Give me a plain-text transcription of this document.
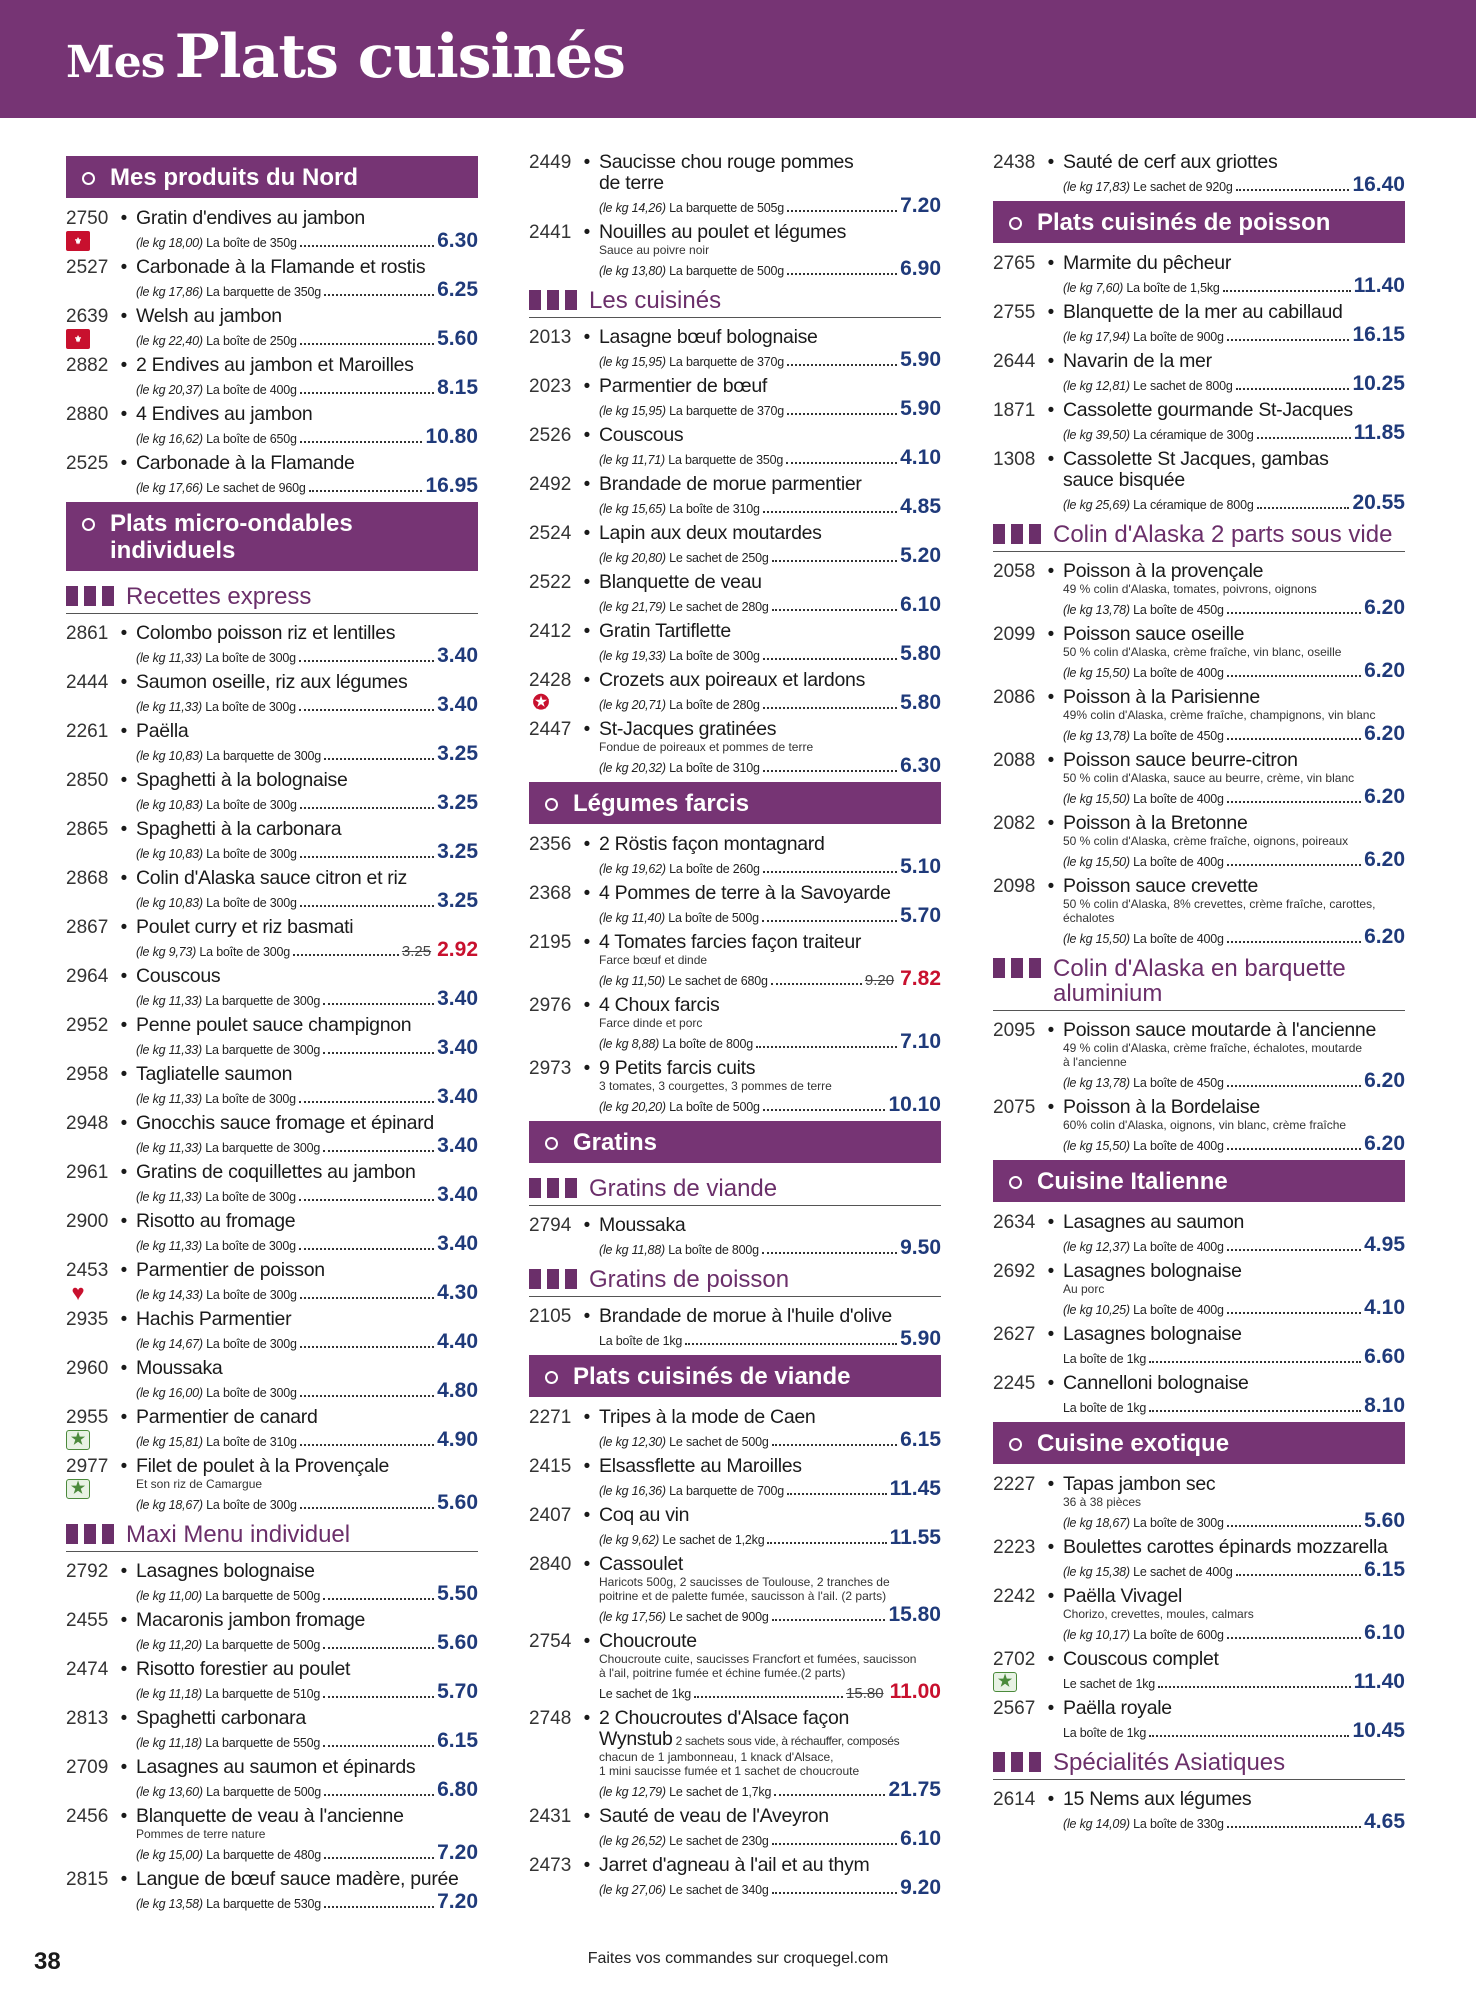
Mes Plats cuisinés
Mes produits du Nord
2750 • Gratin d'endives au jambon
(le kg 18,00) La boîte de 350g	6.30
⚜
2527 • Carbonade à la Flamande et rostis
(le kg 17,86) La barquette de 350g	6.25
2639 • Welsh au jambon
(le kg 22,40) La boîte de 250g	5.60
⚜
2882 • 2 Endives au jambon et Maroilles
(le kg 20,37) La boîte de 400g	8.15
2880 • 4 Endives au jambon
(le kg 16,62) La boîte de 650g	10.80
2525 • Carbonade à la Flamande
(le kg 17,66) Le sachet de 960g	16.95
Plats micro-ondables
individuels
Recettes express
2861 • Colombo poisson riz et lentilles
(le kg 11,33) La boîte de 300g	3.40
2444 • Saumon oseille, riz aux légumes
(le kg 11,33) La boîte de 300g	3.40
2261 • Paëlla
(le kg 10,83) La barquette de 300g	3.25
2850 • Spaghetti à la bolognaise
(le kg 10,83) La boîte de 300g	3.25
2865 • Spaghetti à la carbonara
(le kg 10,83) La boîte de 300g	3.25
2868 • Colin d'Alaska sauce citron et riz
(le kg 10,83) La boîte de 300g	3.25
2867 • Poulet curry et riz basmati
(le kg 9,73) La boîte de 300g	3.25 2.92
2964 • Couscous
(le kg 11,33) La barquette de 300g	3.40
2952 • Penne poulet sauce champignon
(le kg 11,33) La barquette de 300g	3.40
2958 • Tagliatelle saumon
(le kg 11,33) La boîte de 300g	3.40
2948 • Gnocchis sauce fromage et épinard
(le kg 11,33) La barquette de 300g	3.40
2961 • Gratins de coquillettes au jambon
(le kg 11,33) La boîte de 300g	3.40
2900 • Risotto au fromage
(le kg 11,33) La boîte de 300g	3.40
2453 • Parmentier de poisson
(le kg 14,33) La boîte de 300g	4.30
♥
2935 • Hachis Parmentier
(le kg 14,67) La boîte de 300g	4.40
2960 • Moussaka
(le kg 16,00) La boîte de 300g	4.80
2955 • Parmentier de canard
(le kg 15,81) La boîte de 310g	4.90
★
2977 • Filet de poulet à la Provençale
Et son riz de Camargue
(le kg 18,67) La boîte de 300g	5.60
★
Maxi Menu individuel
2792 • Lasagnes bolognaise
(le kg 11,00) La barquette de 500g	5.50
2455 • Macaronis jambon fromage
(le kg 11,20) La barquette de 500g	5.60
2474 • Risotto forestier au poulet
(le kg 11,18) La barquette de 510g	5.70
2813 • Spaghetti carbonara
(le kg 11,18) La barquette de 550g	6.15
2709 • Lasagnes au saumon et épinards
(le kg 13,60) La barquette de 500g	6.80
2456 • Blanquette de veau à l'ancienne
Pommes de terre nature
(le kg 15,00) La barquette de 480g	7.20
2815 • Langue de bœuf sauce madère, purée
(le kg 13,58) La barquette de 530g	7.20
2449 • Saucisse chou rouge pommes
de terre
(le kg 14,26) La barquette de 505g	7.20
2441 • Nouilles au poulet et légumes
Sauce au poivre noir
(le kg 13,80) La barquette de 500g	6.90
Les cuisinés
2013 • Lasagne bœuf bolognaise
(le kg 15,95) La barquette de 370g	5.90
2023 • Parmentier de bœuf
(le kg 15,95) La barquette de 370g	5.90
2526 • Couscous
(le kg 11,71) La barquette de 350g	4.10
2492 • Brandade de morue parmentier
(le kg 15,65) La boîte de 310g	4.85
2524 • Lapin aux deux moutardes
(le kg 20,80) Le sachet de 250g	5.20
2522 • Blanquette de veau
(le kg 21,79) Le sachet de 280g	6.10
2412 • Gratin Tartiflette
(le kg 19,33) La boîte de 300g	5.80
2428 • Crozets aux poireaux et lardons
(le kg 20,71) La boîte de 280g	5.80
✪
2447 • St-Jacques gratinées
Fondue de poireaux et pommes de terre
(le kg 20,32) La boîte de 310g	6.30
Légumes farcis
2356 • 2 Röstis façon montagnard
(le kg 19,62) La boîte de 260g	5.10
2368 • 4 Pommes de terre à la Savoyarde
(le kg 11,40) La boîte de 500g	5.70
2195 • 4 Tomates farcies façon traiteur
Farce bœuf et dinde
(le kg 11,50) Le sachet de 680g	9.20 7.82
2976 • 4 Choux farcis
Farce dinde et porc
(le kg 8,88) La boîte de 800g	7.10
2973 • 9 Petits farcis cuits
3 tomates, 3 courgettes, 3 pommes de terre
(le kg 20,20) La boîte de 500g	10.10
Gratins
Gratins de viande
2794 • Moussaka
(le kg 11,88) La boîte de 800g	9.50
Gratins de poisson
2105 • Brandade de morue à l'huile d'olive
La boîte de 1kg	5.90
Plats cuisinés de viande
2271 • Tripes à la mode de Caen
(le kg 12,30) Le sachet de 500g	6.15
2415 • Elsassflette au Maroilles
(le kg 16,36) La barquette de 700g	11.45
2407 • Coq au vin
(le kg 9,62) Le sachet de 1,2kg	11.55
2840 • Cassoulet
Haricots 500g, 2 saucisses de Toulouse, 2 tranches de
poitrine et de palette fumée, saucisson à l'ail. (2 parts)
(le kg 17,56) Le sachet de 900g	15.80
2754 • Choucroute
Choucroute cuite, saucisses Francfort et fumées, saucisson
à l'ail, poitrine fumée et échine fumée.(2 parts)
Le sachet de 1kg	15.80 11.00
2748 • 2 Choucroutes d'Alsace façon
Wynstub 2 sachets sous vide, à réchauffer, composés
chacun de 1 jambonneau, 1 knack d'Alsace,
1 mini saucisse fumée et 1 sachet de choucroute
(le kg 12,79) Le sachet de 1,7kg	21.75
2431 • Sauté de veau de l'Aveyron
(le kg 26,52) Le sachet de 230g	6.10
2473 • Jarret d'agneau à l'ail et au thym
(le kg 27,06) Le sachet de 340g	9.20
2438 • Sauté de cerf aux griottes
(le kg 17,83) Le sachet de 920g	16.40
Plats cuisinés de poisson
2765 • Marmite du pêcheur
(le kg 7,60) La boîte de 1,5kg	11.40
2755 • Blanquette de la mer au cabillaud
(le kg 17,94) La boîte de 900g	16.15
2644 • Navarin de la mer
(le kg 12,81) Le sachet de 800g	10.25
1871 • Cassolette gourmande St-Jacques
(le kg 39,50) La céramique de 300g	11.85
1308 • Cassolette St Jacques, gambas
sauce bisquée
(le kg 25,69) La céramique de 800g	20.55
Colin d'Alaska 2 parts sous vide
2058 • Poisson à la provençale
49 % colin d'Alaska, tomates, poivrons, oignons
(le kg 13,78) La boîte de 450g	6.20
2099 • Poisson sauce oseille
50 % colin d'Alaska, crème fraîche, vin blanc, oseille
(le kg 15,50) La boîte de 400g	6.20
2086 • Poisson à la Parisienne
49% colin d'Alaska, crème fraîche, champignons, vin blanc
(le kg 13,78) La boîte de 450g	6.20
2088 • Poisson sauce beurre-citron
50 % colin d'Alaska, sauce au beurre, crème, vin blanc
(le kg 15,50) La boîte de 400g	6.20
2082 • Poisson à la Bretonne
50 % colin d'Alaska, crème fraîche, oignons, poireaux
(le kg 15,50) La boîte de 400g	6.20
2098 • Poisson sauce crevette
50 % colin d'Alaska, 8% crevettes, crème fraîche, carottes,
échalotes
(le kg 15,50) La boîte de 400g	6.20
Colin d'Alaska en barquette
aluminium
2095 • Poisson sauce moutarde à l'ancienne
49 % colin d'Alaska, crème fraîche, échalotes, moutarde
à l'ancienne
(le kg 13,78) La boîte de 450g	6.20
2075 • Poisson à la Bordelaise
60% colin d'Alaska, oignons, vin blanc, crème fraîche
(le kg 15,50) La boîte de 400g	6.20
Cuisine Italienne
2634 • Lasagnes au saumon
(le kg 12,37) La boîte de 400g	4.95
2692 • Lasagnes bolognaise
Au porc
(le kg 10,25) La boîte de 400g	4.10
2627 • Lasagnes bolognaise
La boîte de 1kg	6.60
2245 • Cannelloni bolognaise
La boîte de 1kg	8.10
Cuisine exotique
2227 • Tapas jambon sec
36 à 38 pièces
(le kg 18,67) La boîte de 300g	5.60
2223 • Boulettes carottes épinards mozzarella
(le kg 15,38) Le sachet de 400g	6.15
2242 • Paëlla Vivagel
Chorizo, crevettes, moules, calmars
(le kg 10,17) La boîte de 600g	6.10
2702 • Couscous complet
Le sachet de 1kg	11.40
★
2567 • Paëlla royale
La boîte de 1kg	10.45
Spécialités Asiatiques
2614 • 15 Nems aux légumes
(le kg 14,09) La boîte de 330g	4.65
38	Faites vos commandes sur croquegel.com
